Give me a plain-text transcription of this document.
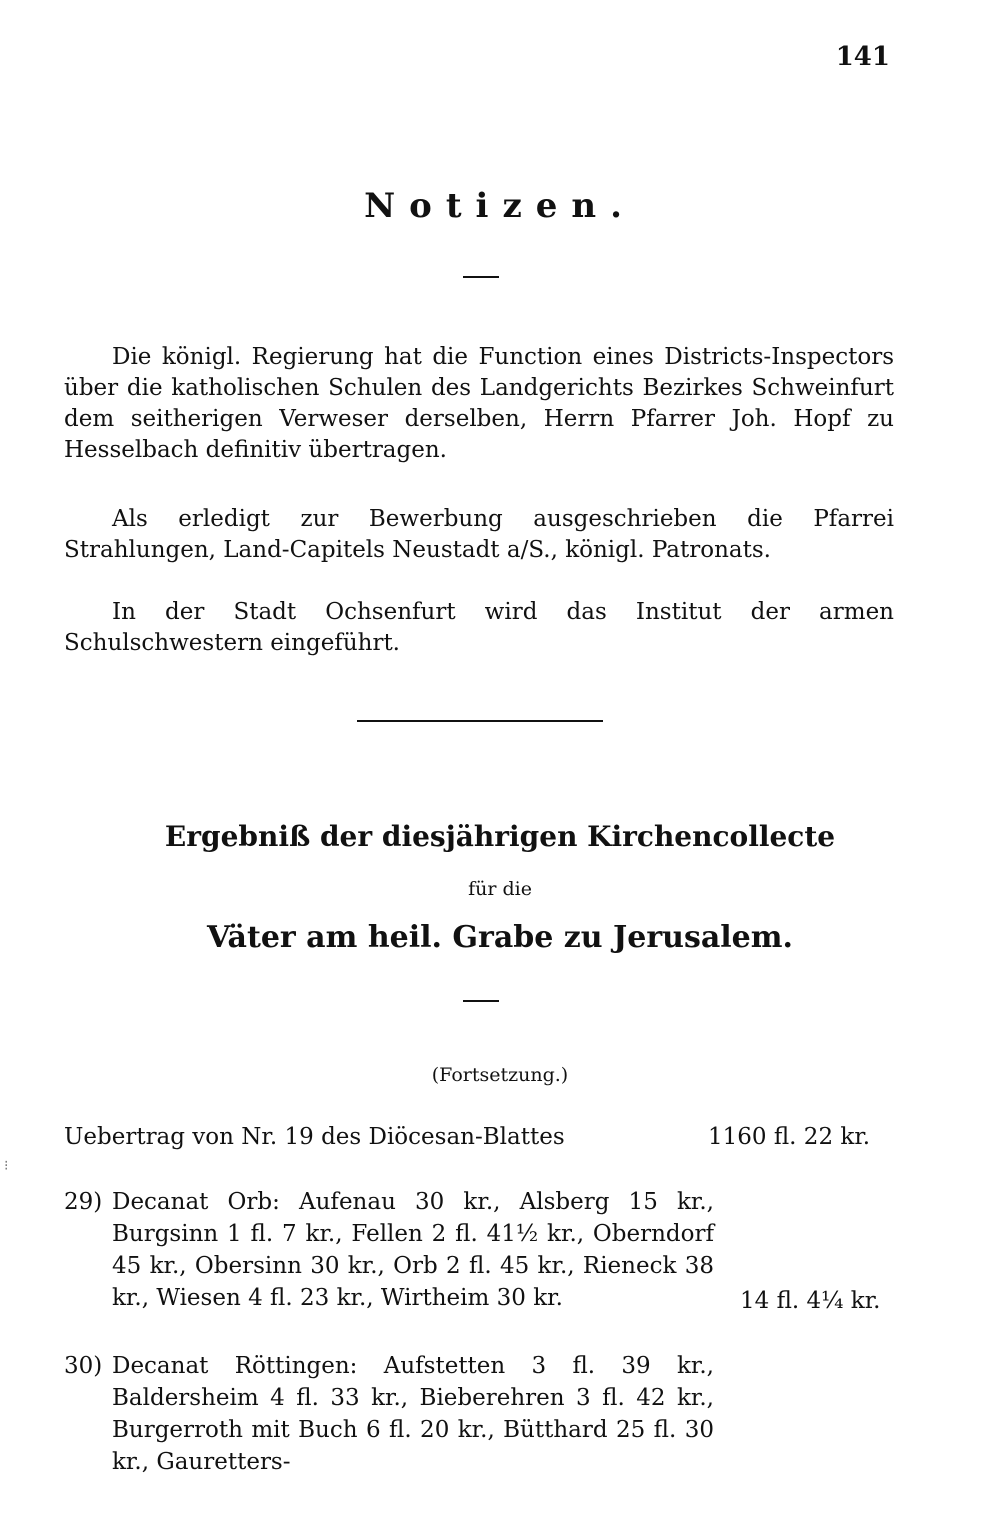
141
Notizen.
Die königl. Regierung hat die Function eines Districts-Inspectors über die katholischen Schulen des Landgerichts Bezirkes Schweinfurt dem seitherigen Verweser derselben, Herrn Pfarrer Joh. Hopf zu Hesselbach definitiv übertragen.
Als erledigt zur Bewerbung ausgeschrieben die Pfarrei Strahlungen, Land-Capitels Neustadt a/S., königl. Patronats.
In der Stadt Ochsenfurt wird das Institut der armen Schulschwestern eingeführt.
Ergebniß der diesjährigen Kirchencollecte
für die
Väter am heil. Grabe zu Jerusalem.
(Fortsetzung.)
Uebertrag von Nr. 19 des Diöcesan-Blattes	1160 fl. 22 kr.
29) Decanat Orb: Aufenau 30 kr., Alsberg 15 kr., Burgsinn 1 fl. 7 kr., Fellen 2 fl. 41½ kr., Oberndorf 45 kr., Obersinn 30 kr., Orb 2 fl. 45 kr., Rieneck 38 kr., Wiesen 4 fl. 23 kr., Wirtheim 30 kr.	14 fl. 4¼ kr.
30) Decanat Röttingen: Aufstetten 3 fl. 39 kr., Baldersheim 4 fl. 33 kr., Bieberehren 3 fl. 42 kr., Burgerroth mit Buch 6 fl. 20 kr., Bütthard 25 fl. 30 kr., Gauretters-
⁝
